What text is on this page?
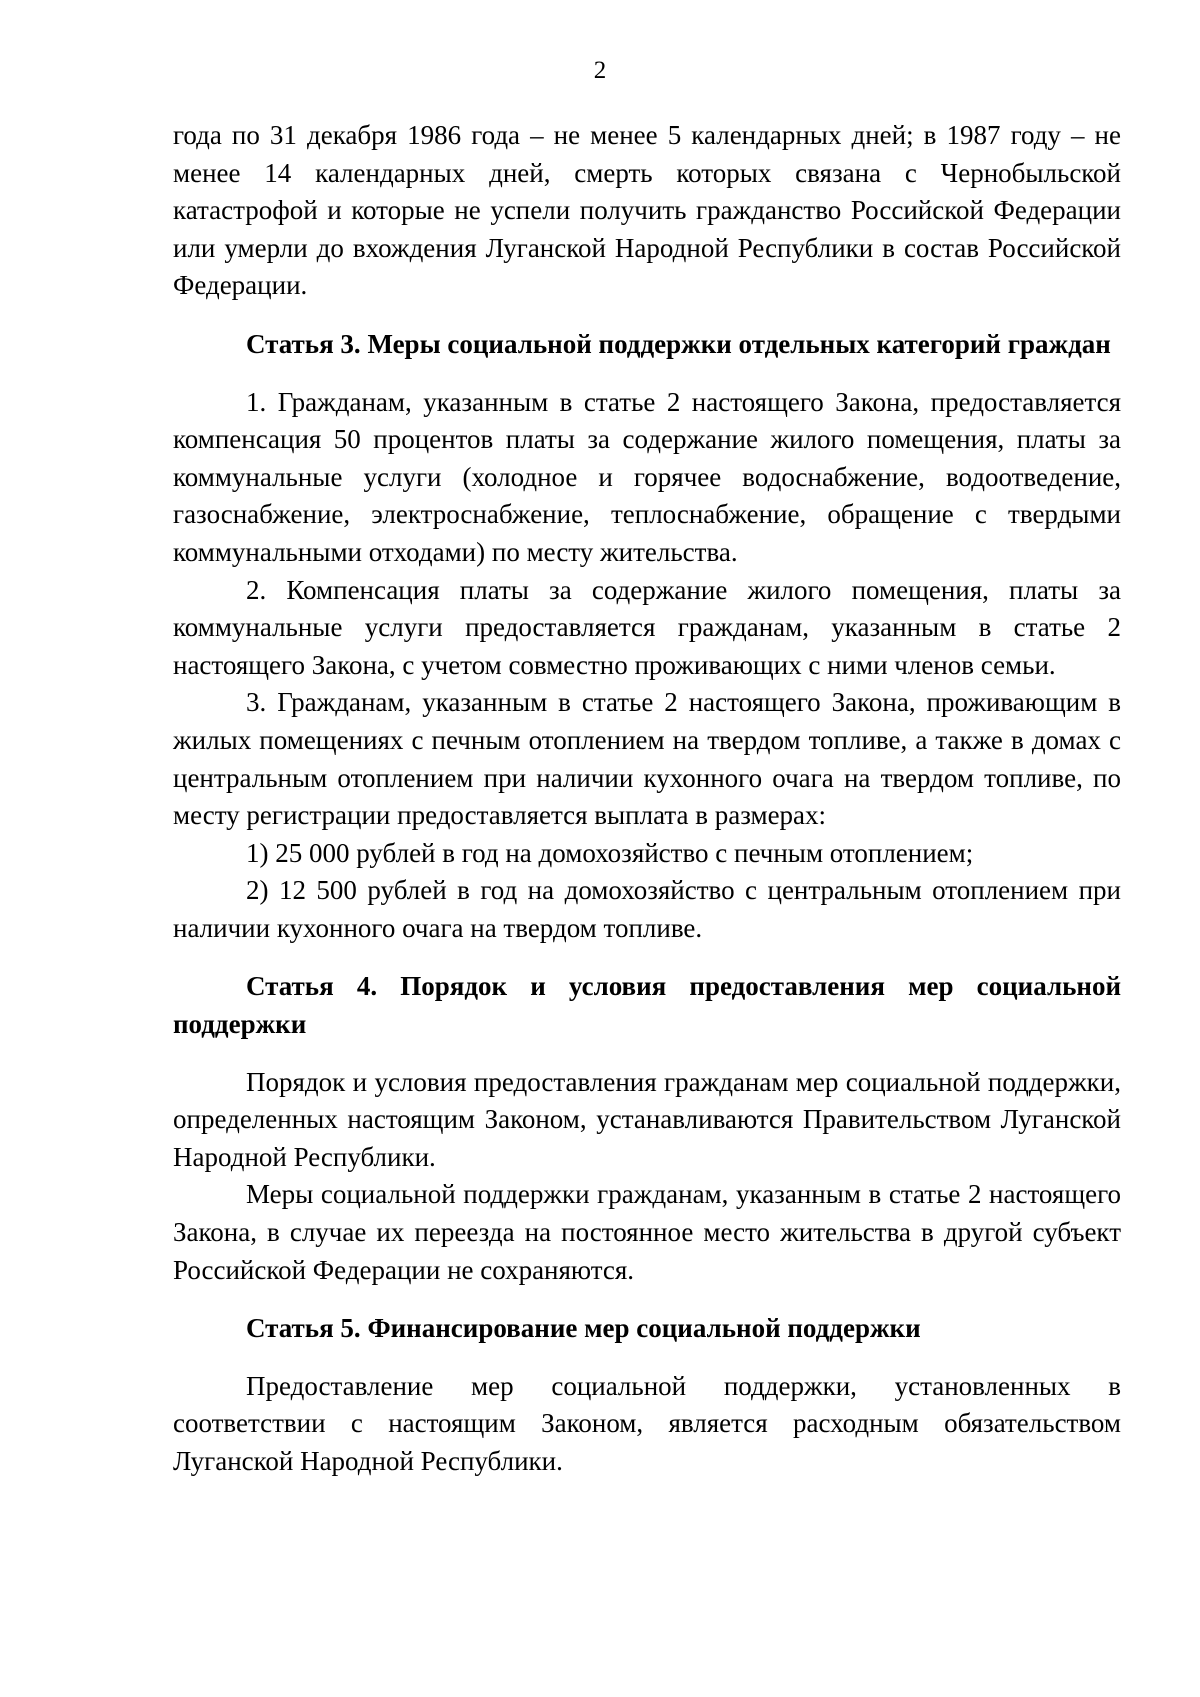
2

года по 31 декабря 1986 года – не менее 5 календарных дней; в 1987 году – не менее 14 календарных дней, смерть которых связана с Чернобыльской катастрофой и которые не успели получить гражданство Российской Федерации или умерли до вхождения Луганской Народной Республики в состав Российской Федерации.

Статья 3. Меры социальной поддержки отдельных категорий граждан

1. Гражданам, указанным в статье 2 настоящего Закона, предоставляется компенсация 50 процентов платы за содержание жилого помещения, платы за коммунальные услуги (холодное и горячее водоснабжение, водоотведение, газоснабжение, электроснабжение, теплоснабжение, обращение с твердыми коммунальными отходами) по месту жительства.

2. Компенсация платы за содержание жилого помещения, платы за коммунальные услуги предоставляется гражданам, указанным в статье 2 настоящего Закона, с учетом совместно проживающих с ними членов семьи.

3. Гражданам, указанным в статье 2 настоящего Закона, проживающим в жилых помещениях с печным отоплением на твердом топливе, а также в домах с центральным отоплением при наличии кухонного очага на твердом топливе, по месту регистрации предоставляется выплата в размерах:

1) 25 000 рублей в год на домохозяйство с печным отоплением;

2) 12 500 рублей в год на домохозяйство с центральным отоплением при наличии кухонного очага на твердом топливе.

Статья 4. Порядок и условия предоставления мер социальной поддержки

Порядок и условия предоставления гражданам мер социальной поддержки, определенных настоящим Законом, устанавливаются Правительством Луганской Народной Республики.

Меры социальной поддержки гражданам, указанным в статье 2 настоящего Закона, в случае их переезда на постоянное место жительства в другой субъект Российской Федерации не сохраняются.

Статья 5. Финансирование мер социальной поддержки

Предоставление мер социальной поддержки, установленных в соответствии с настоящим Законом, является расходным обязательством Луганской Народной Республики.
